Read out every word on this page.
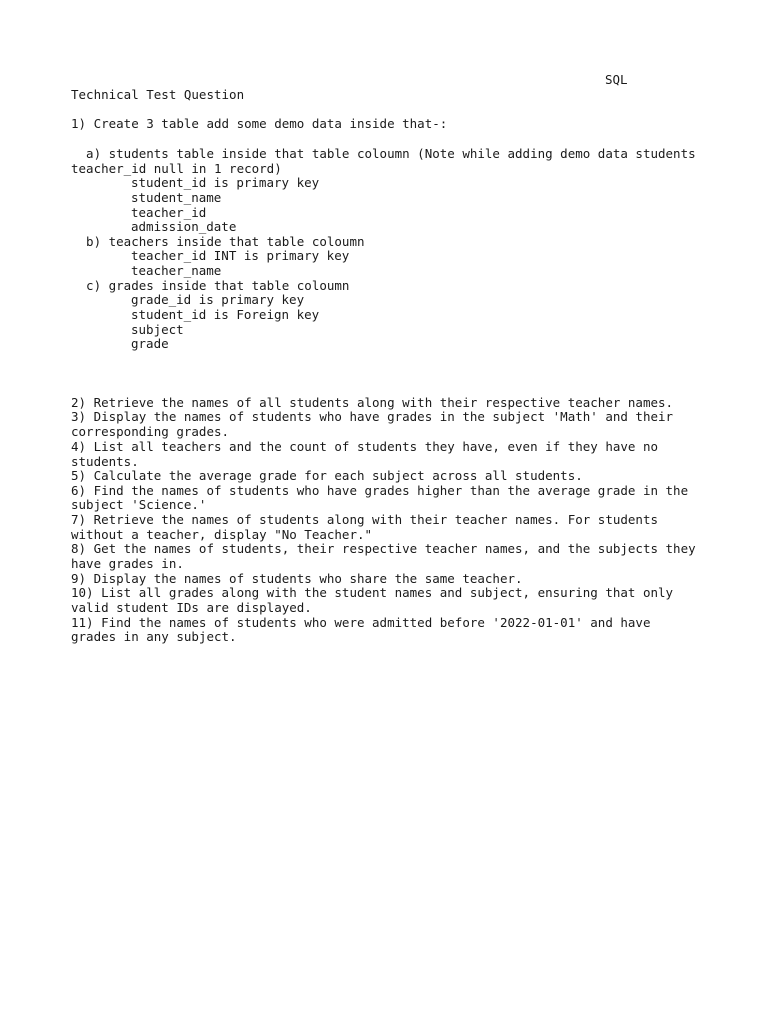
SQL

Technical Test Question

1) Create 3 table add some demo data inside that-:

a) students table inside that table coloumn (Note while adding demo data students

teacher_id null in 1 record)

student_id is primary key

student_name

teacher_id

admission_date

b) teachers inside that table coloumn

teacher_id INT is primary key

teacher_name

c) grades inside that table coloumn

grade_id is primary key

student_id is Foreign key

subject

grade

2) Retrieve the names of all students along with their respective teacher names.

3) Display the names of students who have grades in the subject 'Math' and their

corresponding grades.

4) List all teachers and the count of students they have, even if they have no

students.

5) Calculate the average grade for each subject across all students.

6) Find the names of students who have grades higher than the average grade in the

subject 'Science.'

7) Retrieve the names of students along with their teacher names. For students

without a teacher, display "No Teacher."

8) Get the names of students, their respective teacher names, and the subjects they

have grades in.

9) Display the names of students who share the same teacher.

10) List all grades along with the student names and subject, ensuring that only

valid student IDs are displayed.

11) Find the names of students who were admitted before '2022-01-01' and have

grades in any subject.
